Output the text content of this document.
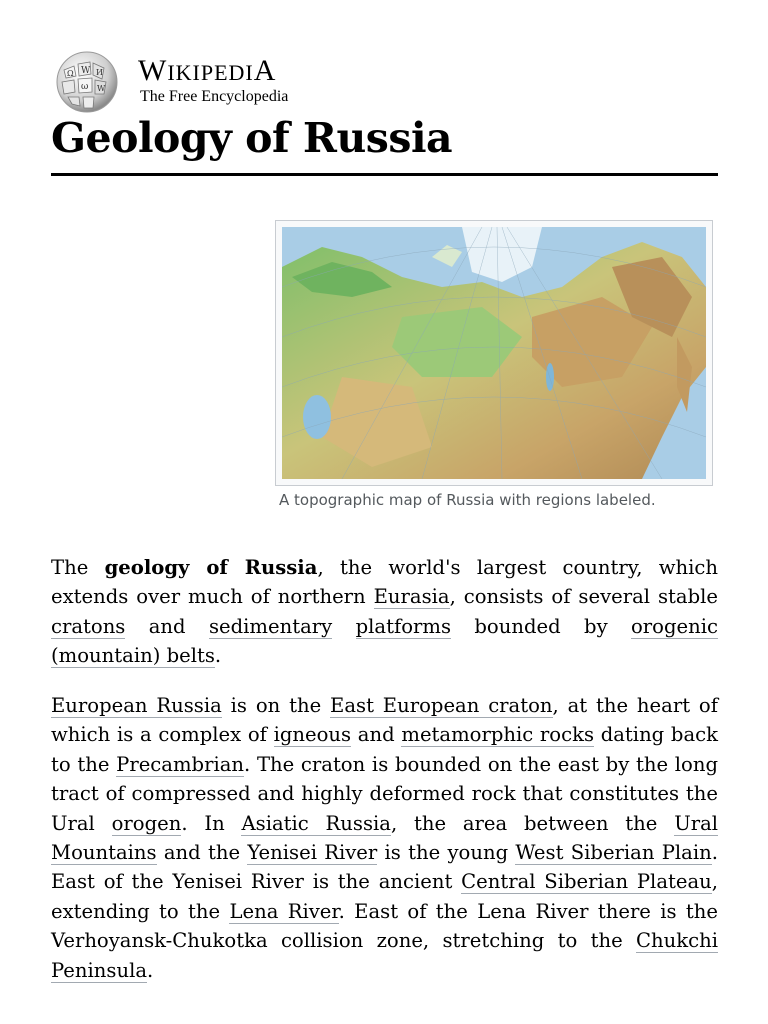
Ω W И
ω W
WIKIPEDIA
The Free Encyclopedia
Geology of Russia
A topographic map of Russia with regions labeled.

The geology of Russia, the world's largest country, which extends over much of northern Eurasia, consists of several stable cratons and sedimentary platforms bounded by orogenic (mountain) belts.

European Russia is on the East European craton, at the heart of which is a complex of igneous and metamorphic rocks dating back to the Precambrian. The craton is bounded on the east by the long tract of compressed and highly deformed rock that constitutes the Ural orogen. In Asiatic Russia, the area between the Ural Mountains and the Yenisei River is the young West Siberian Plain. East of the Yenisei River is the ancient Central Siberian Plateau, extending to the Lena River. East of the Lena River there is the Verhoyansk-Chukotka collision zone, stretching to the Chukchi Peninsula.
